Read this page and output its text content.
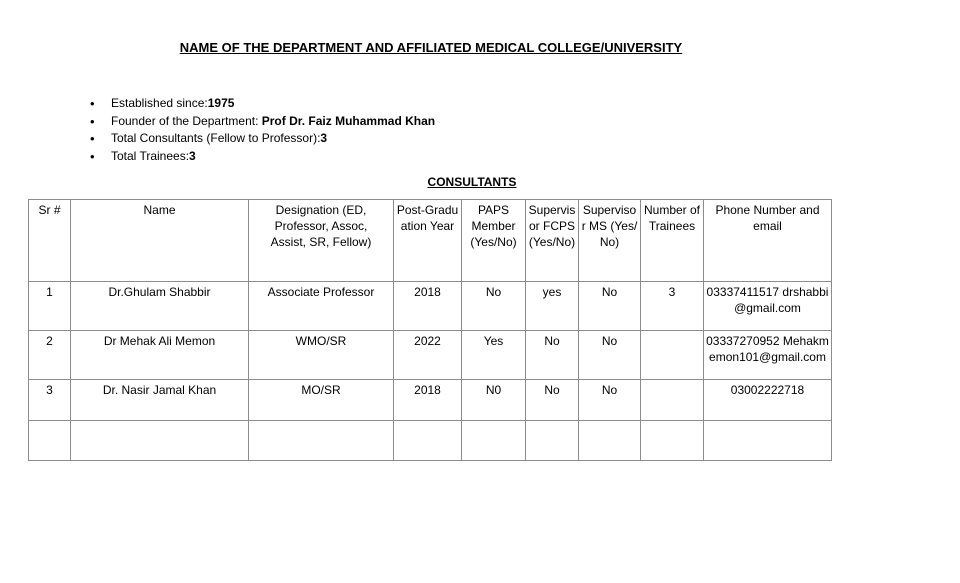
NAME OF THE DEPARTMENT AND AFFILIATED MEDICAL COLLEGE/UNIVERSITY
• Established since:1975
• Founder of the Department: Prof Dr. Faiz Muhammad Khan
• Total Consultants (Fellow to Professor):3
• Total Trainees:3
CONSULTANTS
Sr #	Name	Designation (ED, Professor, Assoc, Assist, SR, Fellow)	Post-Graduation Year	PAPS Member (Yes/No)	Supervisor FCPS (Yes/No)	Supervisor MS (Yes/No)	Number of Trainees	Phone Number and email
1	Dr.Ghulam Shabbir	Associate Professor	2018	No	yes	No	3	03337411517 drshabbi@gmail.com
2	Dr Mehak Ali Memon	WMO/SR	2022	Yes	No	No		03337270952 Mehakmemon101@gmail.com
3	Dr. Nasir Jamal Khan	MO/SR	2018	N0	No	No		03002222718
